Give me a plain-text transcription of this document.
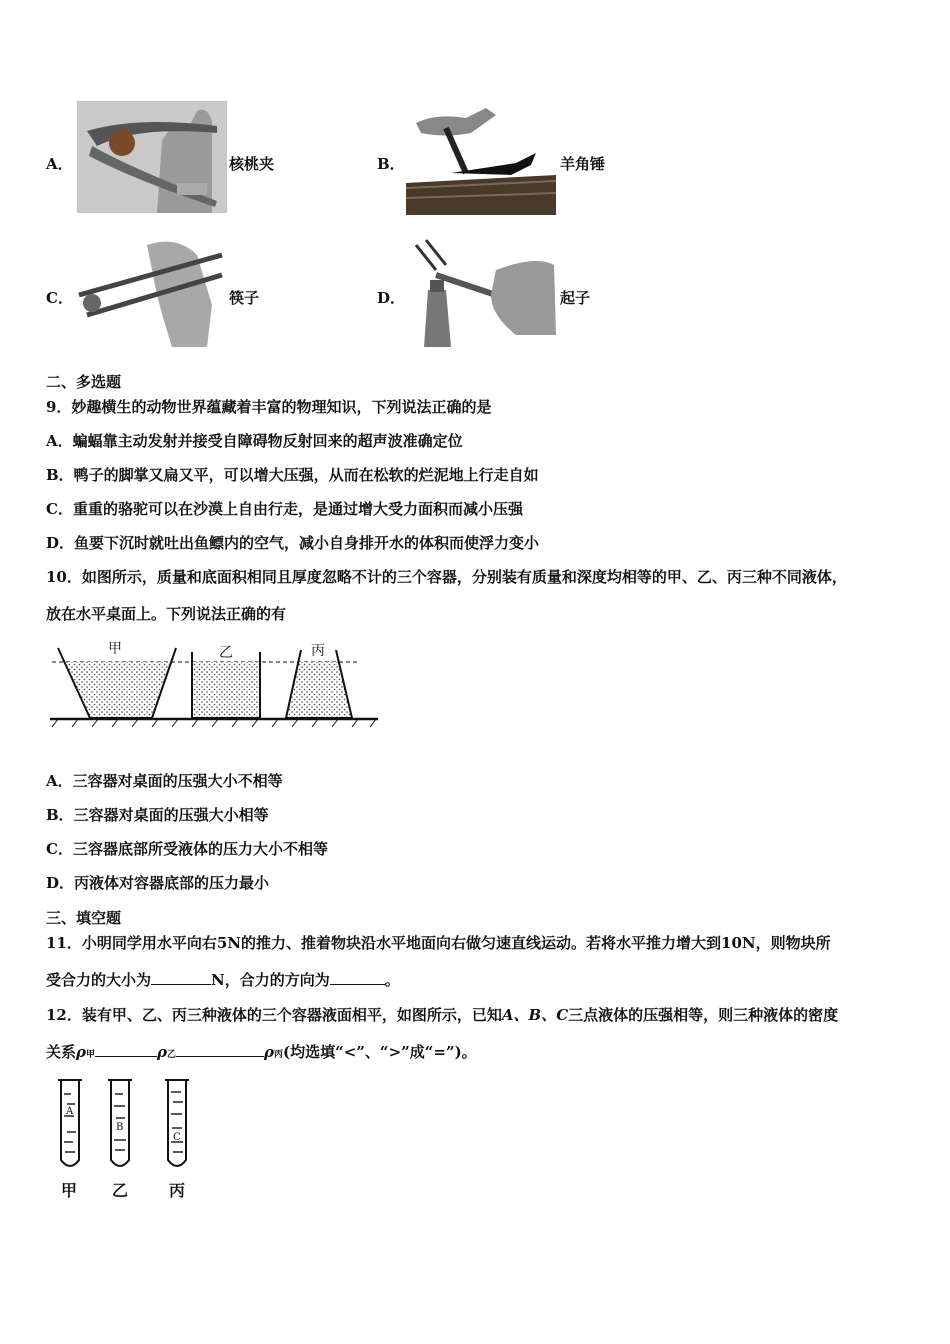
A．	核桃夹	B．	羊角锤
C．	筷子	D．	起子
二、多选题
9．妙趣横生的动物世界蕴藏着丰富的物理知识，下列说法正确的是
A．蝙蝠靠主动发射并接受自障碍物反射回来的超声波准确定位
B．鸭子的脚掌又扁又平，可以增大压强，从而在松软的烂泥地上行走自如
C．重重的骆驼可以在沙漠上自由行走，是通过增大受力面积而减小压强
D．鱼要下沉时就吐出鱼鳔内的空气，减小自身排开水的体积而使浮力变小
10．如图所示，质量和底面积相同且厚度忽略不计的三个容器，分别装有质量和深度均相等的甲、乙、丙三种不同液体，
放在水平桌面上。下列说法正确的有
甲	乙	丙
A．三容器对桌面的压强大小不相等
B．三容器对桌面的压强大小相等
C．三容器底部所受液体的压力大小不相等
D．丙液体对容器底部的压力最小
三、填空题
11．小明同学用水平向右5N的推力、推着物块沿水平地面向右做匀速直线运动。若将水平推力增大到10N，则物块所
受合力的大小为	N，合力的方向为	。
12．装有甲、乙、丙三种液体的三个容器液面相平，如图所示，已知A、B、C三点液体的压强相等，则三种液体的密度
关系ρ甲	ρ乙	ρ丙(均选填“<”、“>”成“=”)。
A
B
C
甲 乙	丙
